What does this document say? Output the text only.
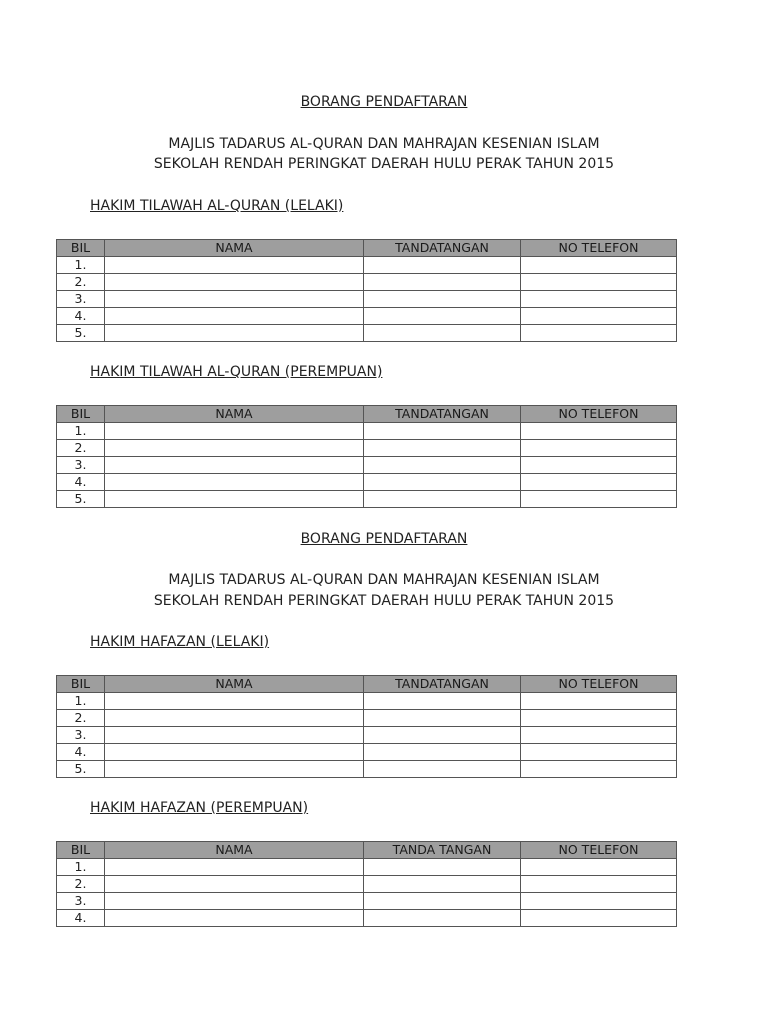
BORANG PENDAFTARAN

MAJLIS TADARUS AL-QURAN DAN MAHRAJAN KESENIAN ISLAM

SEKOLAH RENDAH PERINGKAT DAERAH HULU PERAK TAHUN 2015

HAKIM TILAWAH AL-QURAN (LELAKI)

BIL	NAMA	TANDATANGAN	NO TELEFON
1.			
2.			
3.			
4.			
5.			

HAKIM TILAWAH AL-QURAN (PEREMPUAN)

BIL	NAMA	TANDATANGAN	NO TELEFON
1.			
2.			
3.			
4.			
5.			

BORANG PENDAFTARAN

MAJLIS TADARUS AL-QURAN DAN MAHRAJAN KESENIAN ISLAM

SEKOLAH RENDAH PERINGKAT DAERAH HULU PERAK TAHUN 2015

HAKIM HAFAZAN (LELAKI)

BIL	NAMA	TANDATANGAN	NO TELEFON
1.			
2.			
3.			
4.			
5.			

HAKIM HAFAZAN (PEREMPUAN)

BIL	NAMA	TANDA TANGAN	NO TELEFON
1.			
2.			
3.			
4.			
